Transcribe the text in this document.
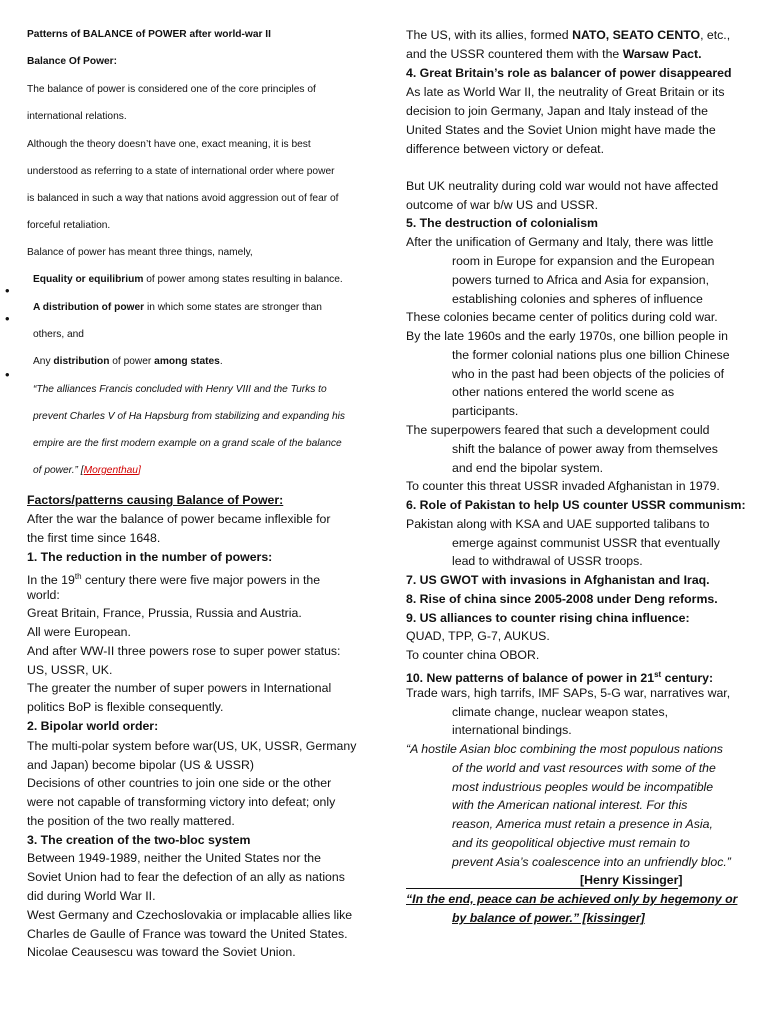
Patterns of BALANCE of POWER after world-war II

Balance Of Power:

The balance of power is considered one of the core principles of

international relations.

Although the theory doesn’t have one, exact meaning, it is best

understood as referring to a state of international order where power

is balanced in such a way that nations avoid aggression out of fear of

forceful retaliation.

Balance of power has meant three things, namely,

•

Equality or equilibrium of power among states resulting in balance.

•

A distribution of power in which some states are stronger than

others, and

•

Any distribution of power among states.

“The alliances Francis concluded with Henry VIII and the Turks to

prevent Charles V of Ha Hapsburg from stabilizing and expanding his

empire are the first modern example on a grand scale of the balance

of power.” [Morgenthau]

Factors/patterns causing Balance of Power:

After the war the balance of power became inflexible for

the first time since 1648.

1. The reduction in the number of powers:

In the 19th century there were five major powers in the

world:

Great Britain, France, Prussia, Russia and Austria.

All were European.

And after WW-II three powers rose to super power status:

US, USSR, UK.

The greater the number of super powers in International

politics BoP is flexible consequently.

2. Bipolar world order:

The multi-polar system before war(US, UK, USSR, Germany

and Japan) become bipolar (US & USSR)

Decisions of other countries to join one side or the other

were not capable of transforming victory into defeat; only

the position of the two really mattered.

3. The creation of the two-bloc system

Between 1949-1989, neither the United States nor the

Soviet Union had to fear the defection of an ally as nations

did during World War II.

West Germany and Czechoslovakia or implacable allies like

Charles de Gaulle of France was toward the United States.

Nicolae Ceausescu was toward the Soviet Union.

The US, with its allies, formed NATO, SEATO CENTO, etc.,

and the USSR countered them with the Warsaw Pact.

4. Great Britain’s role as balancer of power disappeared

As late as World War II, the neutrality of Great Britain or its

decision to join Germany, Japan and Italy instead of the

United States and the Soviet Union might have made the

difference between victory or defeat.

But UK neutrality during cold war would not have affected

outcome of war b/w US and USSR.

5. The destruction of colonialism

After the unification of Germany and Italy, there was little

room in Europe for expansion and the European

powers turned to Africa and Asia for expansion,

establishing colonies and spheres of influence

These colonies became center of politics during cold war.

By the late 1960s and the early 1970s, one billion people in

the former colonial nations plus one billion Chinese

who in the past had been objects of the policies of

other nations entered the world scene as

participants.

The superpowers feared that such a development could

shift the balance of power away from themselves

and end the bipolar system.

To counter this threat USSR invaded Afghanistan in 1979.

6. Role of Pakistan to help US counter USSR communism:

Pakistan along with KSA and UAE supported talibans to

emerge against communist USSR that eventually

lead to withdrawal of USSR troops.

7. US GWOT with invasions in Afghanistan and Iraq.

8. Rise of china since 2005-2008 under Deng reforms.

9. US alliances to counter rising china influence:

QUAD, TPP, G-7, AUKUS.

To counter china OBOR.

10. New patterns of balance of power in 21st century:

Trade wars, high tarrifs, IMF SAPs, 5-G war, narratives war,

climate change, nuclear weapon states,

international bindings.

“A hostile Asian bloc combining the most populous nations

of the world and vast resources with some of the

most industrious peoples would be incompatible

with the American national interest. For this

reason, America must retain a presence in Asia,

and its geopolitical objective must remain to

prevent Asia’s coalescence into an unfriendly bloc.”

[Henry Kissinger]

“In the end, peace can be achieved only by hegemony or

by balance of power.” [kissinger]
